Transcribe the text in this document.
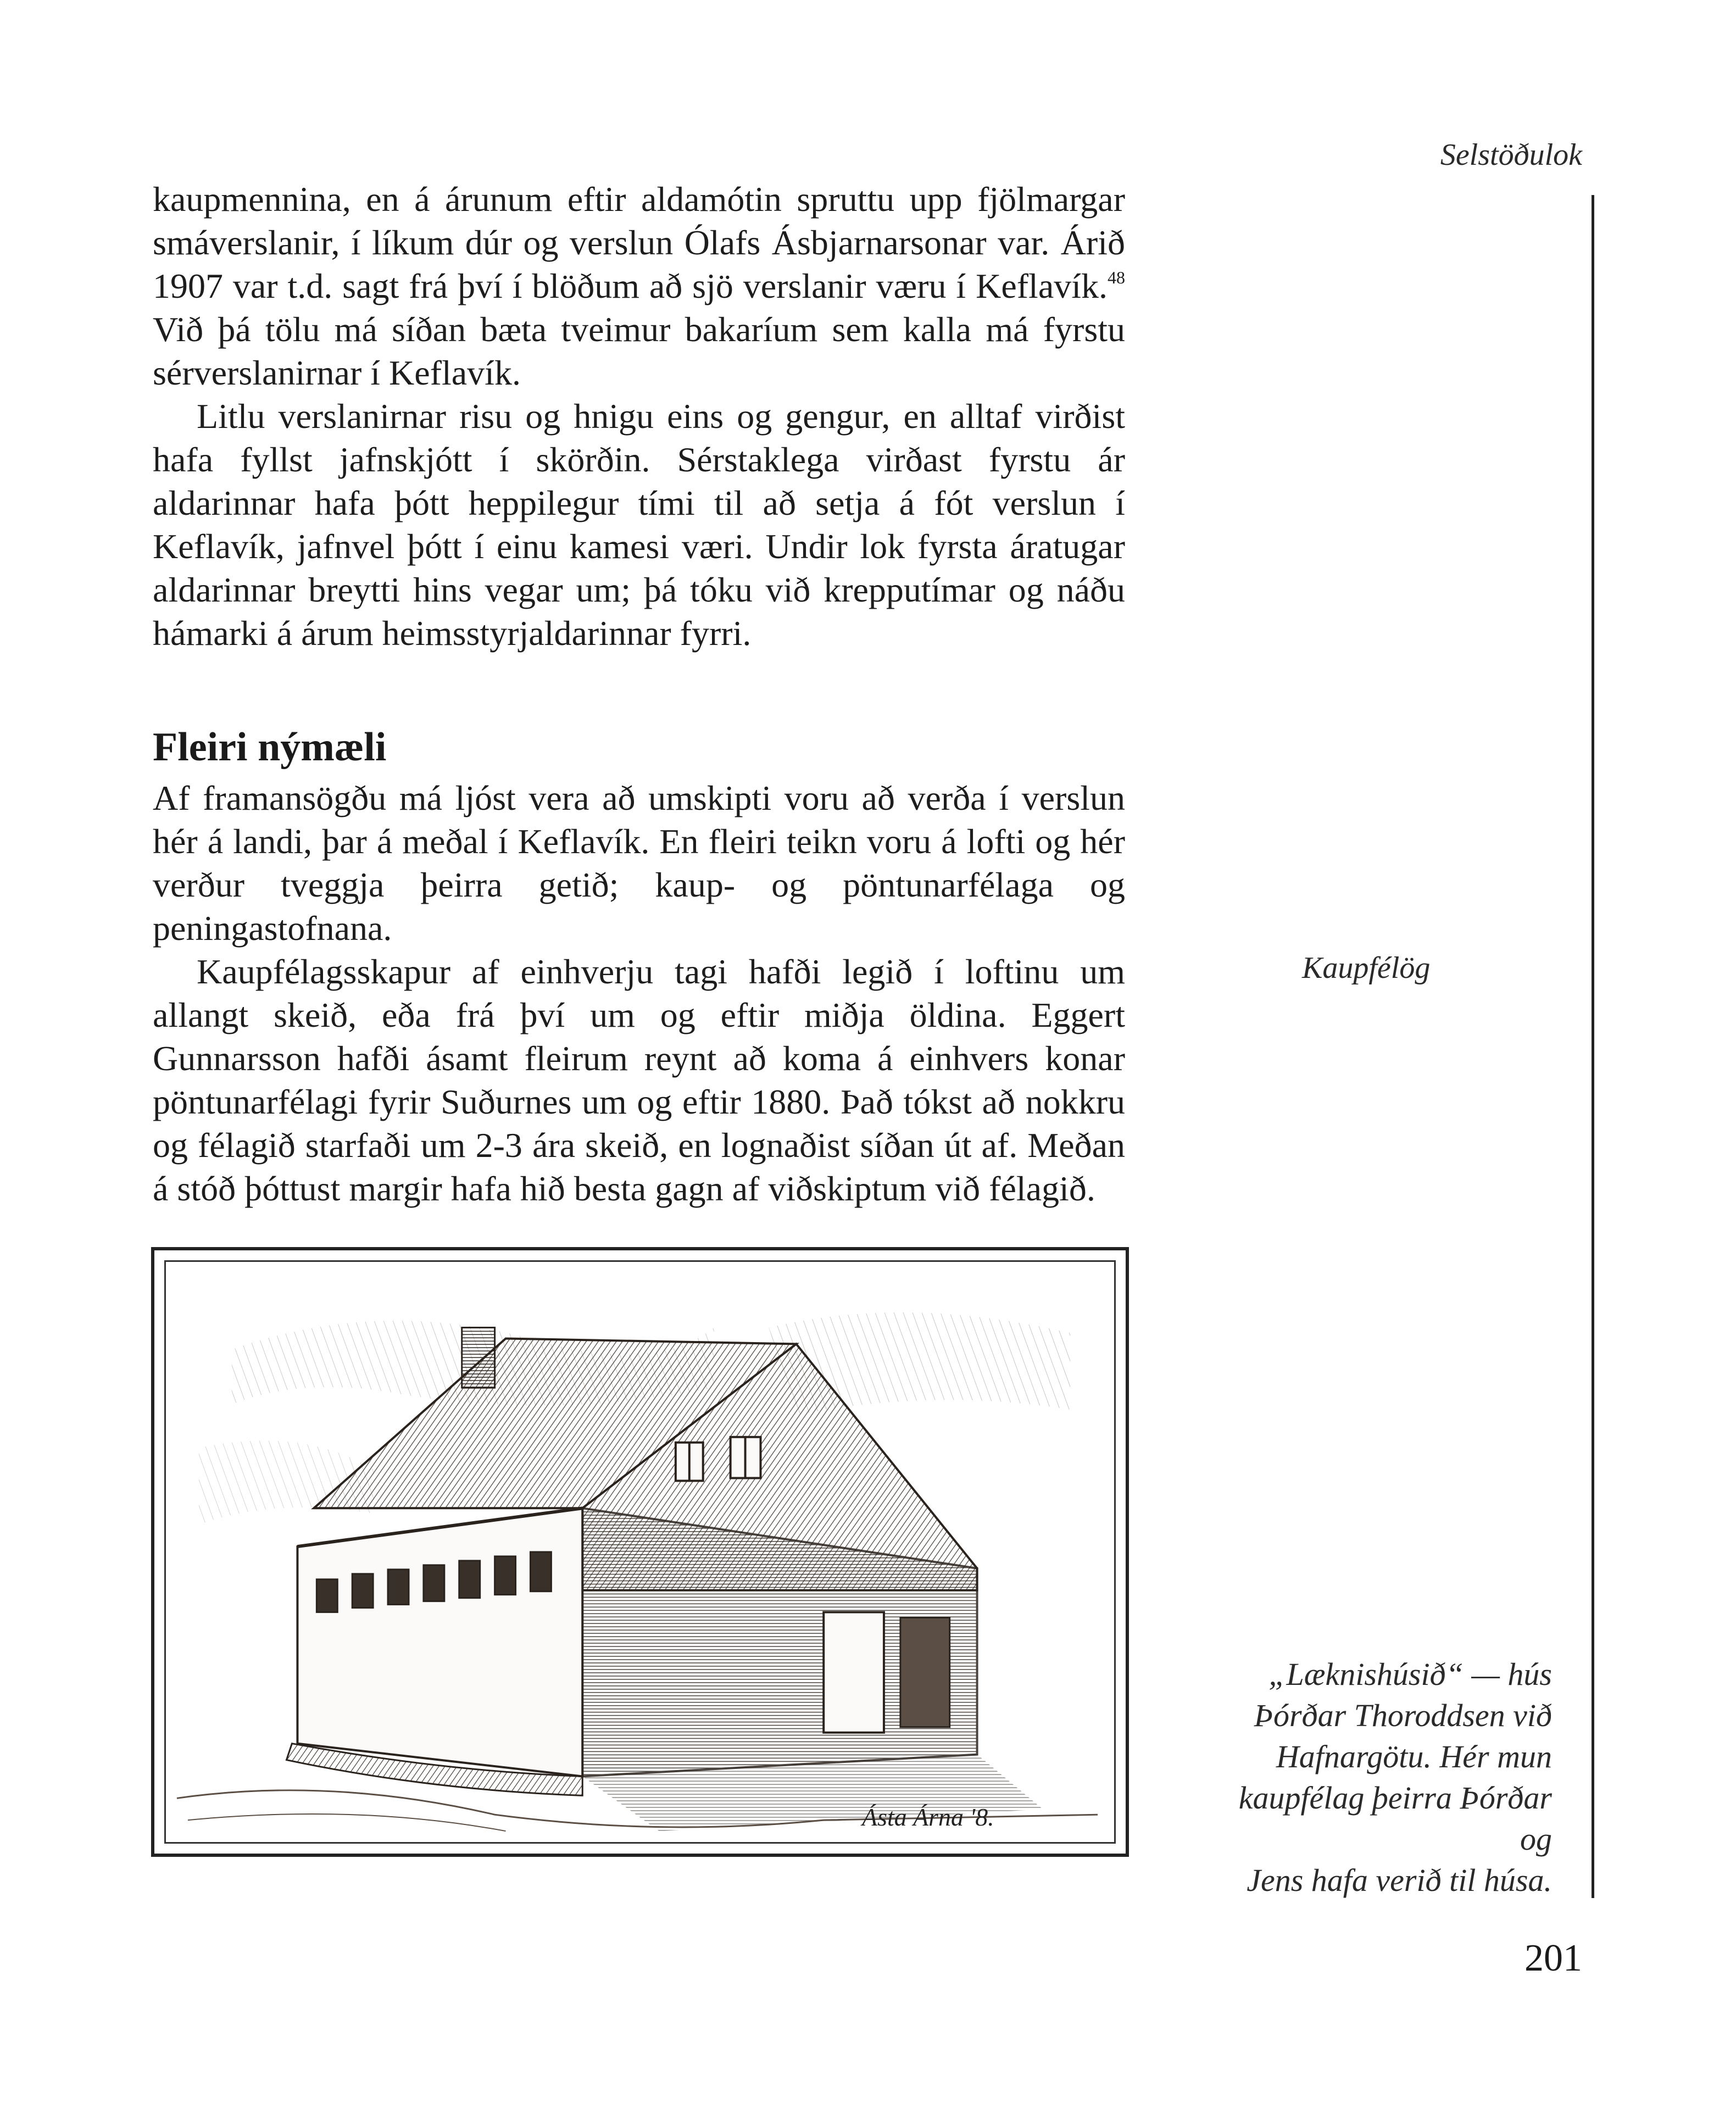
Selstöðulok

kaupmennina, en á árunum eftir aldamótin spruttu upp fjölmargar smáverslanir, í líkum dúr og verslun Ólafs Ásbjarnarsonar var. Árið 1907 var t.d. sagt frá því í blöðum að sjö verslanir væru í Keflavík.$^{48}$ Við þá tölu má síðan bæta tveimur bakaríum sem kalla má fyrstu sérverslanirnar í Keflavík.

Litlu verslanirnar risu og hnigu eins og gengur, en alltaf virðist hafa fyllst jafnskjótt í skörðin. Sérstaklega virðast fyrstu ár aldarinnar hafa þótt heppilegur tími til að setja á fót verslun í Keflavík, jafnvel þótt í einu kamesi væri. Undir lok fyrsta áratugar aldarinnar breytti hins vegar um; þá tóku við krepputímar og náðu hámarki á árum heimsstyrjaldarinnar fyrri.

Fleiri nýmæli

Af framansögðu má ljóst vera að umskipti voru að verða í verslun hér á landi, þar á meðal í Keflavík. En fleiri teikn voru á lofti og hér verður tveggja þeirra getið; kaup- og pöntunarfélaga og peningastofnana.

Kaupfélagsskapur af einhverju tagi hafði legið í loftinu um allangt skeið, eða frá því um og eftir miðja öldina. Eggert Gunnarsson hafði ásamt fleirum reynt að koma á einhvers konar pöntunarfélagi fyrir Suðurnes um og eftir 1880. Það tókst að nokkru og félagið starfaði um 2-3 ára skeið, en lognaðist síðan út af. Meðan á stóð þóttust margir hafa hið besta gagn af viðskiptum við félagið.

Kaupfélög
Ásta Árna '8.
„Læknishúsið“ — hús
Þórðar Thoroddsen við
Hafnargötu. Hér mun
kaupfélag þeirra Þórðar og
Jens hafa verið til húsa.
201
